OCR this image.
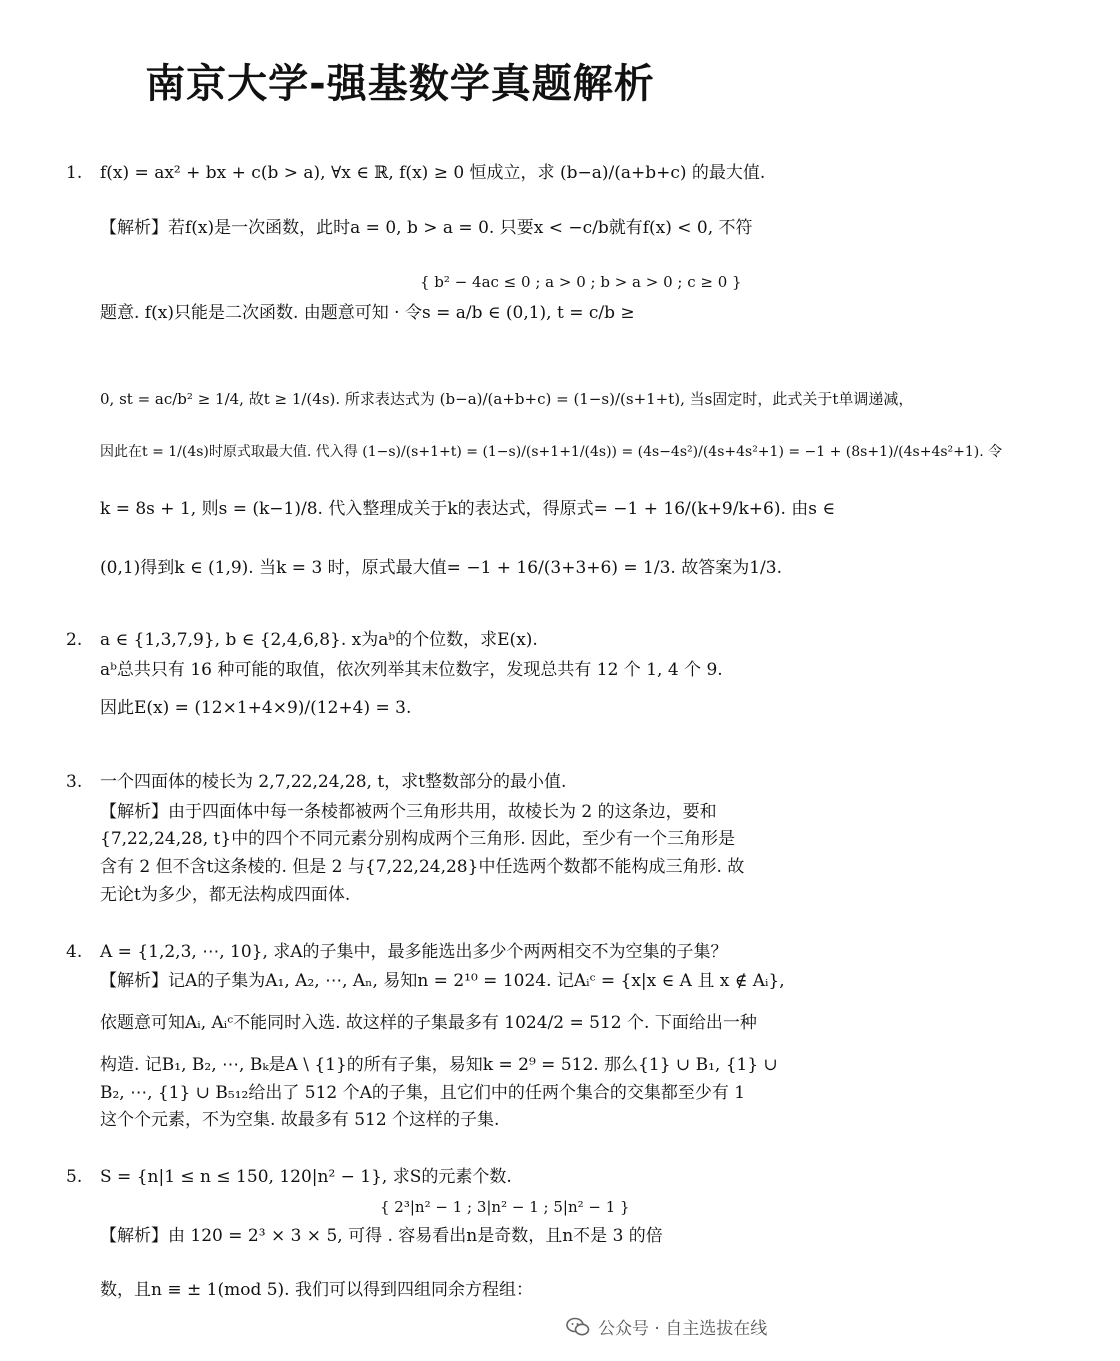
南京大学-强基数学真题解析
1. f(x) = ax² + bx + c(b > a), ∀x ∈ ℝ, f(x) ≥ 0 恒成立，求 (b−a)/(a+b+c) 的最大值.
【解析】若f(x)是一次函数，此时a = 0, b > a = 0. 只要x < −c/b就有f(x) < 0, 不符
{ b² − 4ac ≤ 0 ; a > 0 ; b > a > 0 ; c ≥ 0 }
题意. f(x)只能是二次函数. 由题意可知 · 令s = a/b ∈ (0,1), t = c/b ≥
0, st = ac/b² ≥ 1/4, 故t ≥ 1/(4s). 所求表达式为 (b−a)/(a+b+c) = (1−s)/(s+1+t), 当s固定时，此式关于t单调递减，
因此在t = 1/(4s)时原式取最大值. 代入得 (1−s)/(s+1+t) = (1−s)/(s+1+1/(4s)) = (4s−4s²)/(4s+4s²+1) = −1 + (8s+1)/(4s+4s²+1). 令
k = 8s + 1, 则s = (k−1)/8. 代入整理成关于k的表达式，得原式= −1 + 16/(k+9/k+6). 由s ∈
(0,1)得到k ∈ (1,9). 当k = 3 时，原式最大值= −1 + 16/(3+3+6) = 1/3. 故答案为1/3.
2. a ∈ {1,3,7,9}, b ∈ {2,4,6,8}. x为aᵇ的个位数，求E(x).
aᵇ总共只有 16 种可能的取值，依次列举其末位数字，发现总共有 12 个 1, 4 个 9.
因此E(x) = (12×1+4×9)/(12+4) = 3.
3. 一个四面体的棱长为 2,7,22,24,28, t，求t整数部分的最小值.
【解析】由于四面体中每一条棱都被两个三角形共用，故棱长为 2 的这条边，要和
{7,22,24,28, t}中的四个不同元素分别构成两个三角形. 因此，至少有一个三角形是
含有 2 但不含t这条棱的. 但是 2 与{7,22,24,28}中任选两个数都不能构成三角形. 故
无论t为多少，都无法构成四面体.
4. A = {1,2,3, ⋯, 10}, 求A的子集中，最多能选出多少个两两相交不为空集的子集？
【解析】记A的子集为A₁, A₂, ⋯, Aₙ, 易知n = 2¹⁰ = 1024. 记Aᵢᶜ = {x|x ∈ A 且 x ∉ Aᵢ},
依题意可知Aᵢ, Aᵢᶜ不能同时入选. 故这样的子集最多有 1024/2 = 512 个. 下面给出一种
构造. 记B₁, B₂, ⋯, Bₖ是A \ {1}的所有子集，易知k = 2⁹ = 512. 那么{1} ∪ B₁, {1} ∪
B₂, ⋯, {1} ∪ B₅₁₂给出了 512 个A的子集，且它们中的任两个集合的交集都至少有 1
这个个元素，不为空集. 故最多有 512 个这样的子集.
5. S = {n|1 ≤ n ≤ 150, 120|n² − 1}, 求S的元素个数.
{ 2³|n² − 1 ; 3|n² − 1 ; 5|n² − 1 }
【解析】由 120 = 2³ × 3 × 5, 可得 . 容易看出n是奇数，且n不是 3 的倍
数，且n ≡ ± 1(mod 5). 我们可以得到四组同余方程组：
公众号 · 自主选拔在线
